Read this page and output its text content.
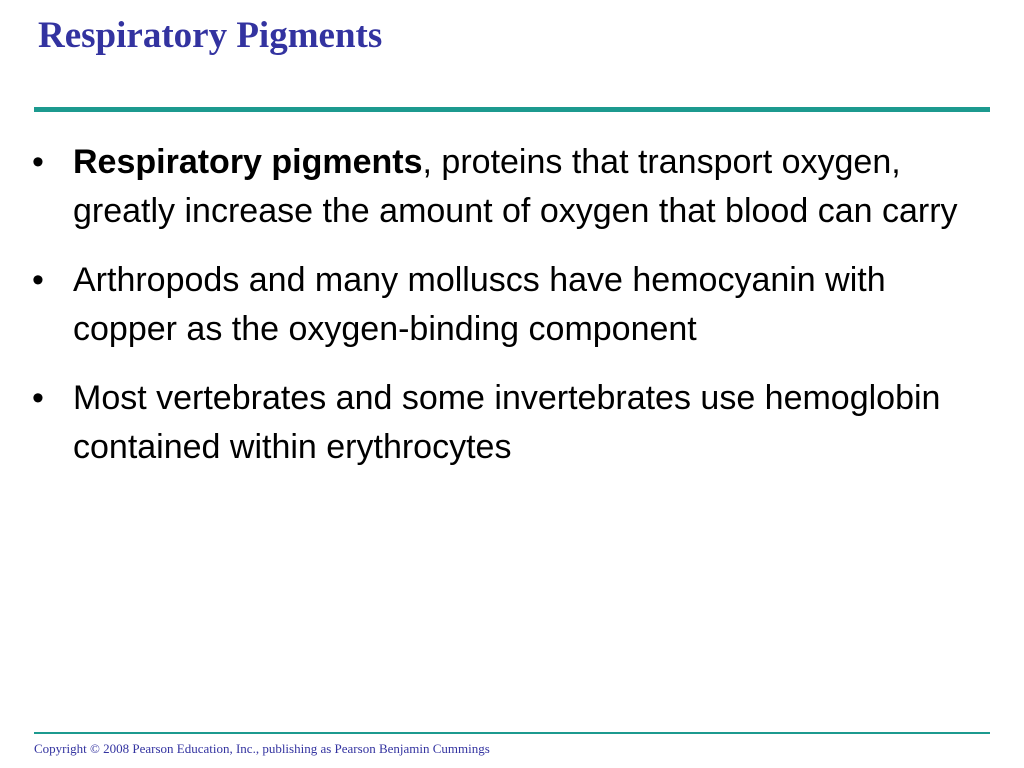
Respiratory Pigments
• Respiratory pigments, proteins that transport oxygen, greatly increase the amount of oxygen that blood can carry
• Arthropods and many molluscs have hemocyanin with copper as the oxygen-binding component
• Most vertebrates and some invertebrates use hemoglobin contained within erythrocytes
Copyright © 2008 Pearson Education, Inc., publishing as Pearson Benjamin Cummings
